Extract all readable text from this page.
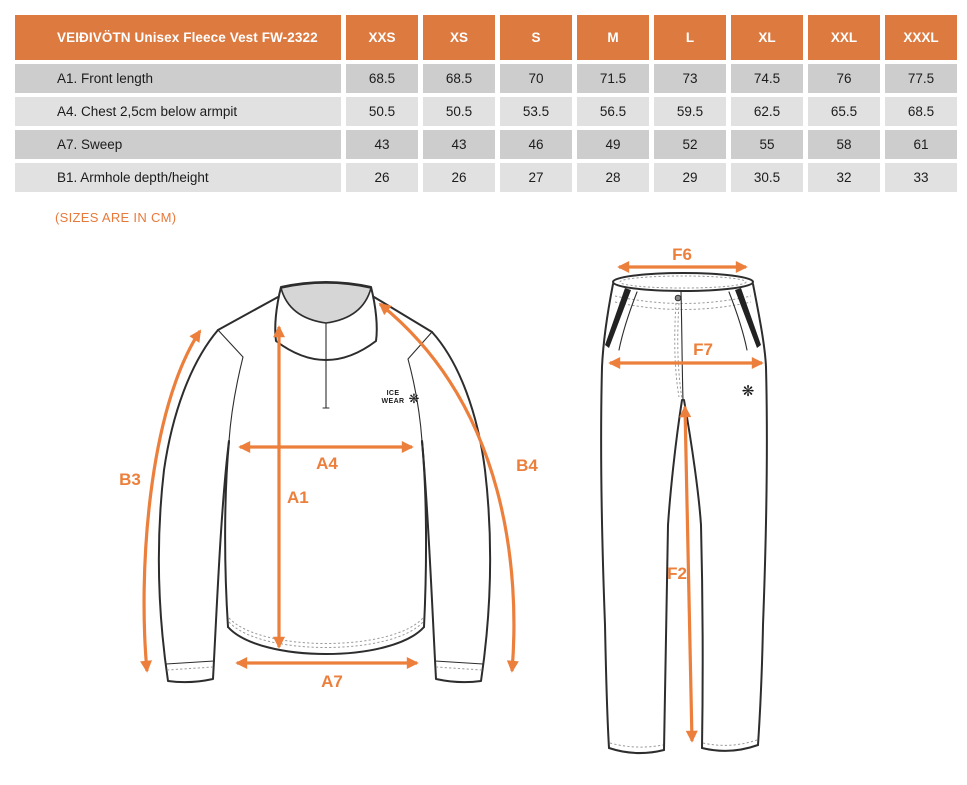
VEIÐIVÖTN Unisex Fleece Vest FW-2322	XXS	XS	S	M	L	XL	XXL	XXXL
A1. Front length	68.5	68.5	70	71.5	73	74.5	76	77.5
A4. Chest 2,5cm below armpit	50.5	50.5	53.5	56.5	59.5	62.5	65.5	68.5
A7. Sweep	43	43	46	49	52	55	58	61
B1. Armhole depth/height	26	26	27	28	29	30.5	32	33
(SIZES ARE IN CM)
ICE
WEAR ❋
B3
A4
A1
B4
A7
❋
F6
F7
F2
